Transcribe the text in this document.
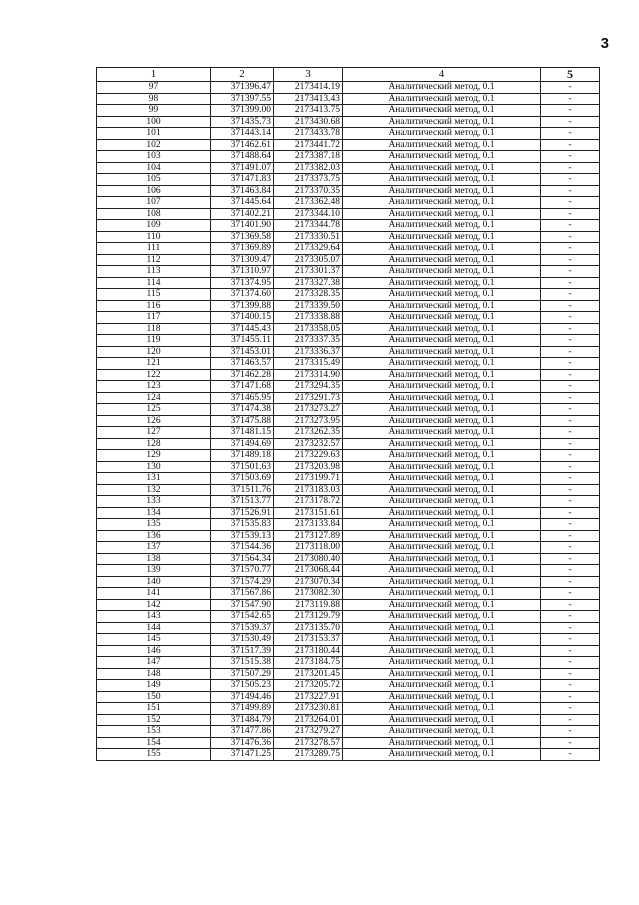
3
1	2	3	4	5
97	371396.47	2173414.19	Аналитический метод, 0.1	-
98	371397.55	2173413.43	Аналитический метод, 0.1	-
99	371399.00	2173413.75	Аналитический метод, 0.1	-
100	371435.73	2173430.68	Аналитический метод, 0.1	-
101	371443.14	2173433.78	Аналитический метод, 0.1	-
102	371462.61	2173441.72	Аналитический метод, 0.1	-
103	371488.64	2173387.18	Аналитический метод, 0.1	-
104	371491.07	2173382.03	Аналитический метод, 0.1	-
105	371471.83	2173373.75	Аналитический метод, 0.1	-
106	371463.84	2173370.35	Аналитический метод, 0.1	-
107	371445.64	2173362.48	Аналитический метод, 0.1	-
108	371402.21	2173344.10	Аналитический метод, 0.1	-
109	371401.90	2173344.78	Аналитический метод, 0.1	-
110	371369.58	2173330.51	Аналитический метод, 0.1	-
111	371369.89	2173329.64	Аналитический метод, 0.1	-
112	371309.47	2173305.07	Аналитический метод, 0.1	-
113	371310.97	2173301.37	Аналитический метод, 0.1	-
114	371374.95	2173327.38	Аналитический метод, 0.1	-
115	371374.60	2173328.35	Аналитический метод, 0.1	-
116	371399.88	2173339.50	Аналитический метод, 0.1	-
117	371400.15	2173338.88	Аналитический метод, 0.1	-
118	371445.43	2173358.05	Аналитический метод, 0.1	-
119	371455.11	2173337.35	Аналитический метод, 0.1	-
120	371453.01	2173336.37	Аналитический метод, 0.1	-
121	371463.57	2173315.49	Аналитический метод, 0.1	-
122	371462.28	2173314.90	Аналитический метод, 0.1	-
123	371471.68	2173294.35	Аналитический метод, 0.1	-
124	371465.95	2173291.73	Аналитический метод, 0.1	-
125	371474.38	2173273.27	Аналитический метод, 0.1	-
126	371475.88	2173273.95	Аналитический метод, 0.1	-
127	371481.15	2173262.35	Аналитический метод, 0.1	-
128	371494.69	2173232.57	Аналитический метод, 0.1	-
129	371489.18	2173229.63	Аналитический метод, 0.1	-
130	371501.63	2173203.98	Аналитический метод, 0.1	-
131	371503.69	2173199.71	Аналитический метод, 0.1	-
132	371511.76	2173183.03	Аналитический метод, 0.1	-
133	371513.77	2173178.72	Аналитический метод, 0.1	-
134	371526.91	2173151.61	Аналитический метод, 0.1	-
135	371535.83	2173133.84	Аналитический метод, 0.1	-
136	371539.13	2173127.89	Аналитический метод, 0.1	-
137	371544.36	2173118.00	Аналитический метод, 0.1	-
138	371564.34	2173080.40	Аналитический метод, 0.1	-
139	371570.77	2173068.44	Аналитический метод, 0.1	-
140	371574.29	2173070.34	Аналитический метод, 0.1	-
141	371567.86	2173082.30	Аналитический метод, 0.1	-
142	371547.90	2173119.88	Аналитический метод, 0.1	-
143	371542.65	2173129.79	Аналитический метод, 0.1	-
144	371539.37	2173135.70	Аналитический метод, 0.1	-
145	371530.49	2173153.37	Аналитический метод, 0.1	-
146	371517.39	2173180.44	Аналитический метод, 0.1	-
147	371515.38	2173184.75	Аналитический метод, 0.1	-
148	371507.29	2173201.45	Аналитический метод, 0.1	-
149	371505.23	2173205.72	Аналитический метод, 0.1	-
150	371494.46	2173227.91	Аналитический метод, 0.1	-
151	371499.89	2173230.81	Аналитический метод, 0.1	-
152	371484.79	2173264.01	Аналитический метод, 0.1	-
153	371477.86	2173279.27	Аналитический метод, 0.1	-
154	371476.36	2173278.57	Аналитический метод, 0.1	-
155	371471.25	2173289.75	Аналитический метод, 0.1	-
